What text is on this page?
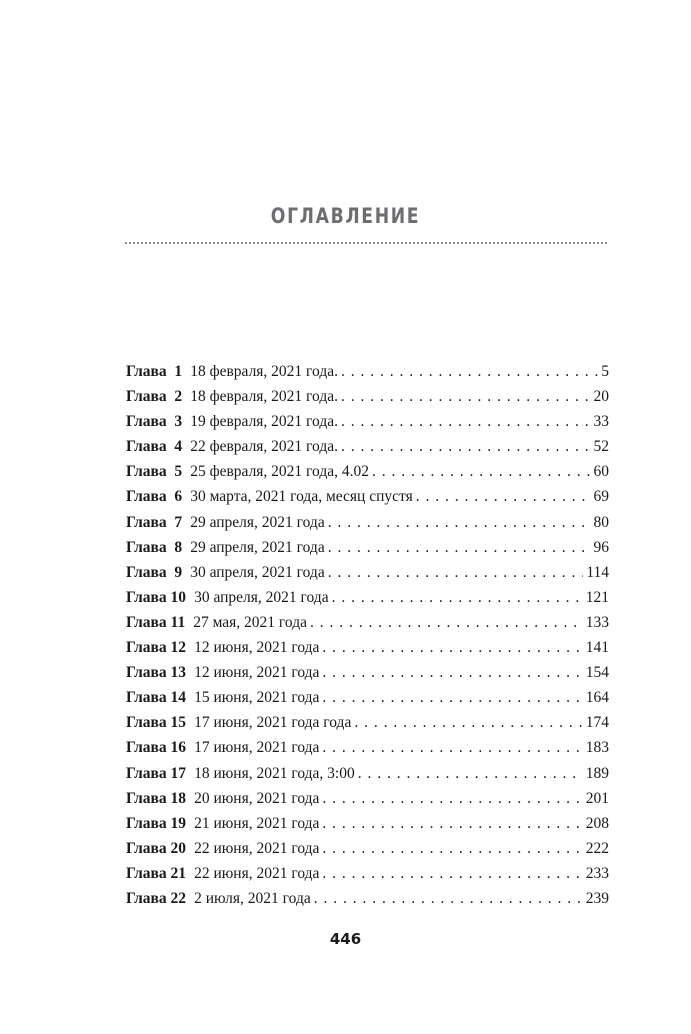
ОГЛАВЛЕНИЕ
Глава  1 18 февраля, 2021 года. . . .	5
Глава  2 18 февраля, 2021 года. . . .	20
Глава  3 19 февраля, 2021 года. . . .	33
Глава  4 22 февраля, 2021 года. . . .	52
Глава  5 25 февраля, 2021 года, 4.02 . . .	60
Глава  6 30 марта, 2021 года, месяц спустя . . .	69
Глава  7 29 апреля, 2021 года . . .	80
Глава  8 29 апреля, 2021 года . . .	96
Глава  9 30 апреля, 2021 года . . .	114
Глава 10 30 апреля, 2021 года . . .	121
Глава 11 27 мая, 2021 года . . .	133
Глава 12 12 июня, 2021 года . . .	141
Глава 13 12 июня, 2021 года . . .	154
Глава 14 15 июня, 2021 года . . .	164
Глава 15 17 июня, 2021 года года . . .	174
Глава 16 17 июня, 2021 года . . .	183
Глава 17 18 июня, 2021 года, 3:00 . . .	189
Глава 18 20 июня, 2021 года . . .	201
Глава 19 21 июня, 2021 года . . .	208
Глава 20 22 июня, 2021 года . . .	222
Глава 21 22 июня, 2021 года . . .	233
Глава 22 2 июля, 2021 года . . .	239
446
